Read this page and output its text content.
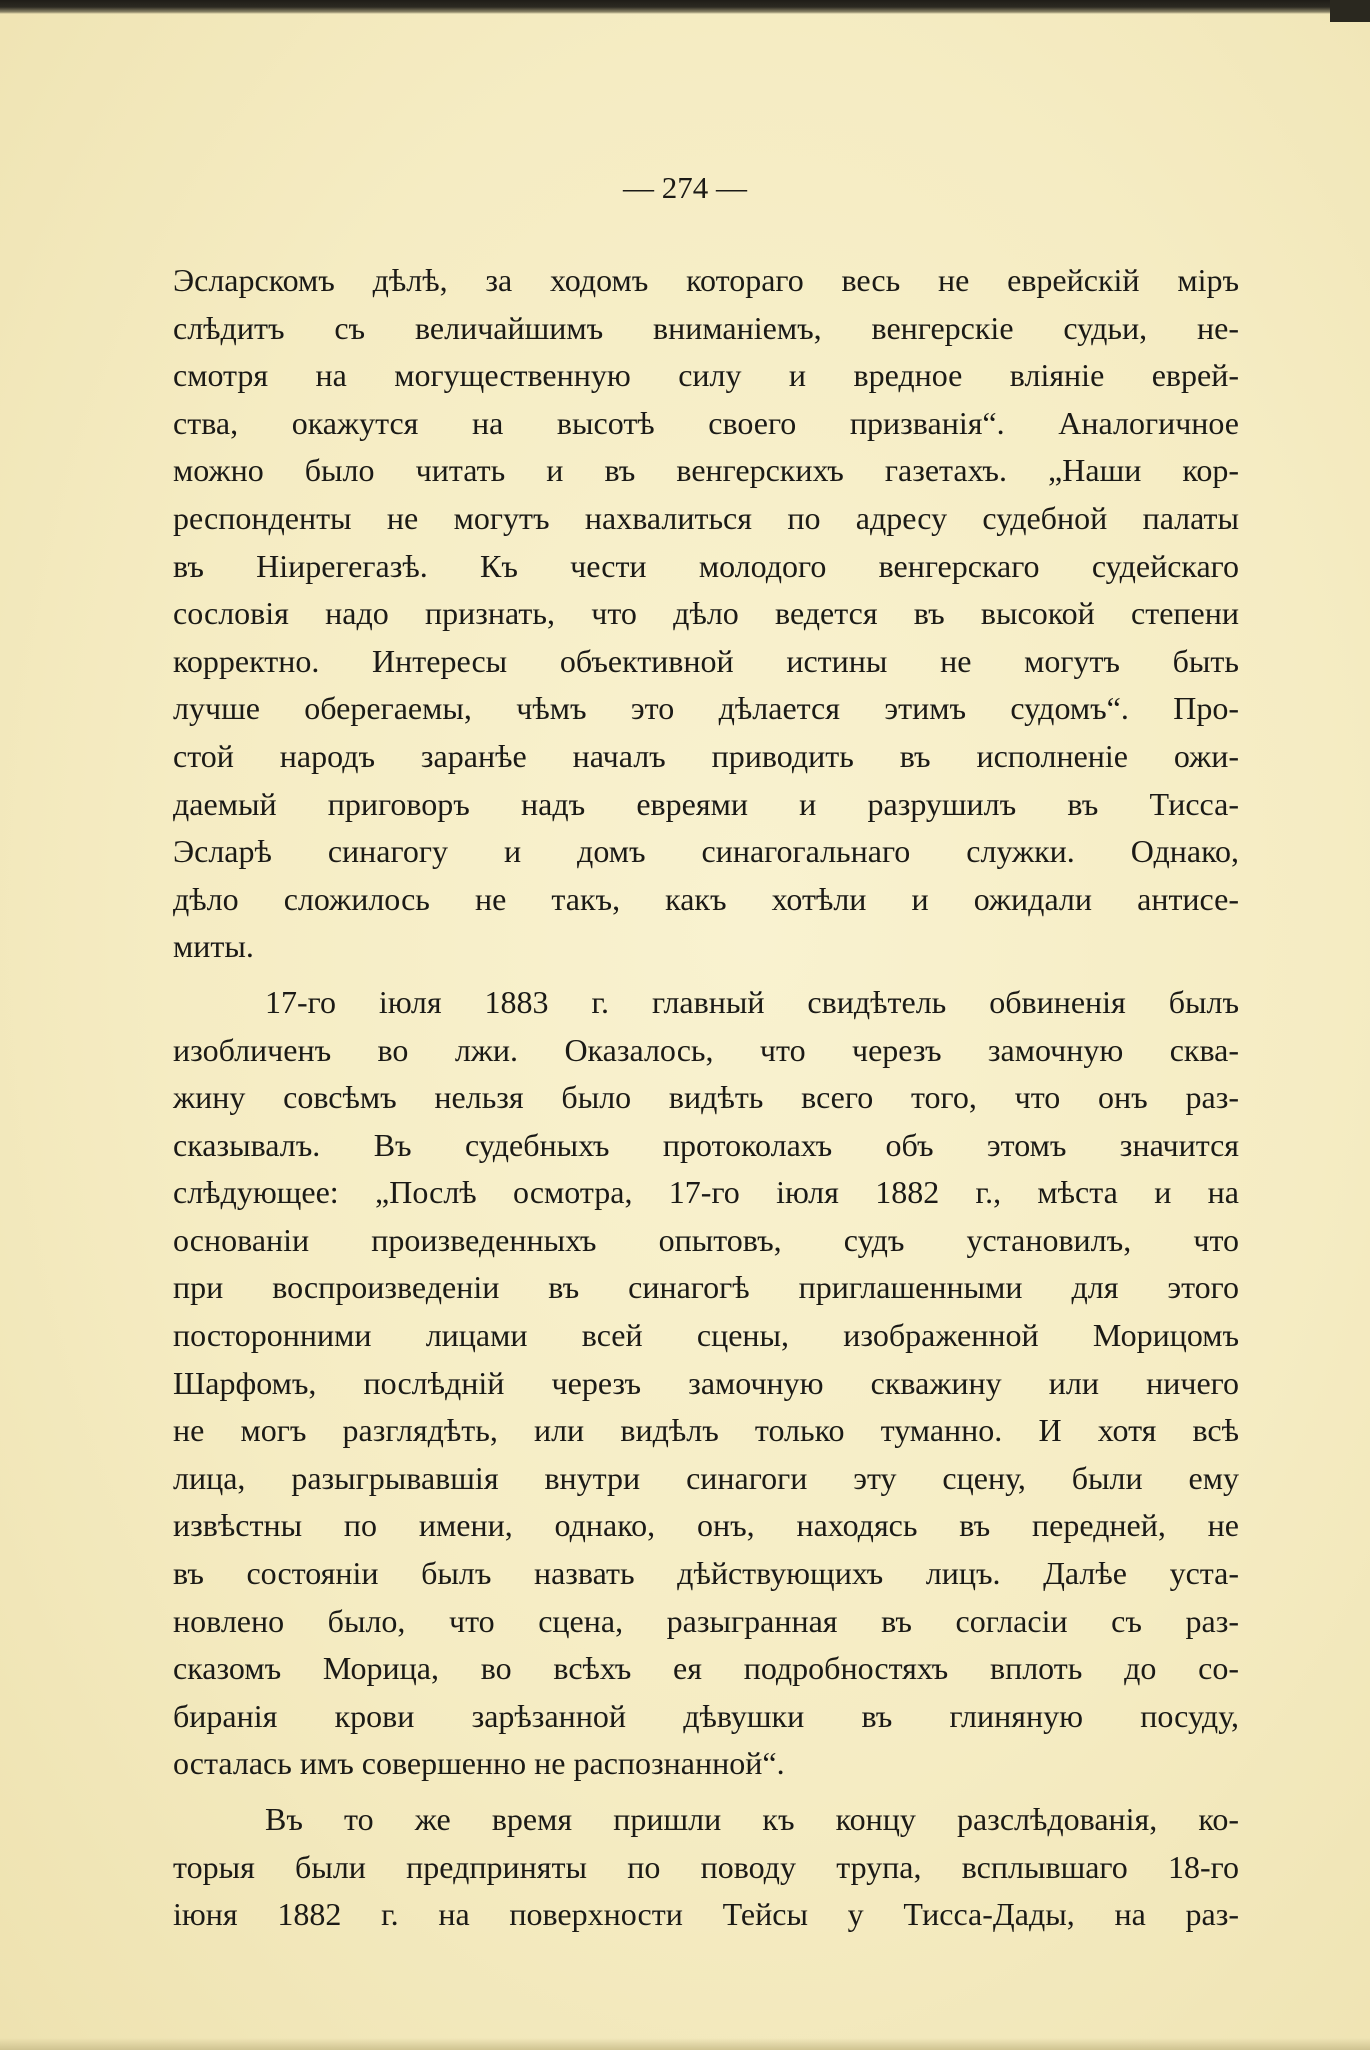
— 274 —
Эсларскомъ дѣлѣ, за ходомъ котораго весь не еврейскій міръ
слѣдитъ съ величайшимъ вниманіемъ, венгерскіе судьи, не-
смотря на могущественную силу и вредное вліяніе еврей-
ства, окажутся на высотѣ своего призванія“. Аналогичное
можно было читать и въ венгерскихъ газетахъ. „Наши кор-
респонденты не могутъ нахвалиться по адресу судебной палаты
въ Ніирегегазѣ. Къ чести молодого венгерскаго судейскаго
сословія надо признать, что дѣло ведется въ высокой степени
корректно. Интересы объективной истины не могутъ быть
лучше оберегаемы, чѣмъ это дѣлается этимъ судомъ“. Про-
стой народъ заранѣе началъ приводить въ исполненіе ожи-
даемый приговоръ надъ евреями и разрушилъ въ Тисса-
Эсларѣ синагогу и домъ синагогальнаго служки. Однако,
дѣло сложилось не такъ, какъ хотѣли и ожидали антисе-
миты.
17-го іюля 1883 г. главный свидѣтель обвиненія былъ
изобличенъ во лжи. Оказалось, что черезъ замочную сква-
жину совсѣмъ нельзя было видѣть всего того, что онъ раз-
сказывалъ. Въ судебныхъ протоколахъ объ этомъ значится
слѣдующее: „Послѣ осмотра, 17-го іюля 1882 г., мѣста и на
основаніи произведенныхъ опытовъ, судъ установилъ, что
при воспроизведеніи въ синагогѣ приглашенными для этого
посторонними лицами всей сцены, изображенной Морицомъ
Шарфомъ, послѣдній черезъ замочную скважину или ничего
не могъ разглядѣть, или видѣлъ только туманно. И хотя всѣ
лица, разыгрывавшія внутри синагоги эту сцену, были ему
извѣстны по имени, однако, онъ, находясь въ передней, не
въ состояніи былъ назвать дѣйствующихъ лицъ. Далѣе уста-
новлено было, что сцена, разыгранная въ согласіи съ раз-
сказомъ Морица, во всѣхъ ея подробностяхъ вплоть до со-
биранія крови зарѣзанной дѣвушки въ глиняную посуду,
осталась имъ совершенно не распознанной“.
Въ то же время пришли къ концу разслѣдованія, ко-
торыя были предприняты по поводу трупа, всплывшаго 18-го
іюня 1882 г. на поверхности Тейсы у Тисса-Дады, на раз-
